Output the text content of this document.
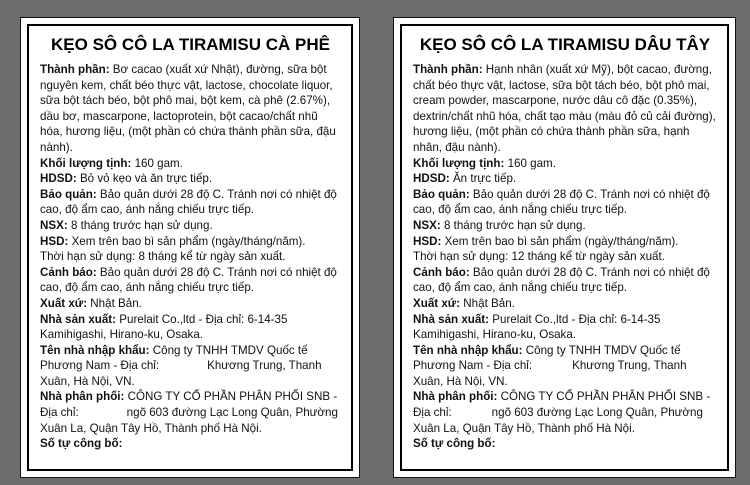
KẸO SÔ CÔ LA TIRAMISU CÀ PHÊ

Thành phần: Bơ cacao (xuất xứ Nhật), đường, sữa bột nguyên kem, chất béo thực vật, lactose, chocolate liquor, sữa bột tách béo, bột phô mai, bột kem, cà phê (2.67%), dầu bơ, mascarpone, lactoprotein, bột cacao/chất nhũ hóa, hương liệu, (một phần có chứa thành phần sữa, đậu nành).

Khối lượng tịnh: 160 gam.

HDSD: Bỏ vỏ kẹo và ăn trực tiếp.

Bảo quản: Bảo quản dưới 28 độ C. Tránh nơi có nhiệt độ cao, độ ẩm cao, ánh nắng chiếu trực tiếp.

NSX: 8 tháng trước hạn sử dụng.

HSD: Xem trên bao bì sản phẩm (ngày/tháng/năm).
Thời hạn sử dụng: 8 tháng kể từ ngày sản xuất.

Cảnh báo: Bảo quản dưới 28 độ C. Tránh nơi có nhiệt độ cao, độ ẩm cao, ánh nắng chiếu trực tiếp.

Xuất xứ: Nhật Bản.

Nhà sản xuất: Purelait Co.,ltd - Địa chỉ: 6-14-35 Kamihigashi, Hirano-ku, Osaka.

Tên nhà nhập khẩu: Công ty TNHH TMDV Quốc tế Phương Nam - Địa chỉ:	Khương Trung, Thanh Xuân, Hà Nội, VN.

Nhà phân phối: CÔNG TY CỔ PHẦN PHÂN PHỐI SNB - Địa chỉ:	ngõ 603 đường Lạc Long Quân, Phường Xuân La, Quận Tây Hồ, Thành phố Hà Nội.

Số tự công bố:

KẸO SÔ CÔ LA TIRAMISU DÂU TÂY

Thành phần: Hạnh nhân (xuất xứ Mỹ), bột cacao, đường, chất béo thực vật, lactose, sữa bột tách béo, bột phô mai, cream powder, mascarpone, nước dâu cô đặc (0.35%), dextrin/chất nhũ hóa, chất tạo màu (màu đỏ củ cải đường), hương liệu, (một phần có chứa thành phần sữa, hạnh nhân, đậu nành).

Khối lượng tịnh: 160 gam.

HDSD: Ăn trực tiếp.

Bảo quản: Bảo quản dưới 28 độ C. Tránh nơi có nhiệt độ cao, độ ẩm cao, ánh nắng chiếu trực tiếp.

NSX: 8 tháng trước hạn sử dụng.

HSD: Xem trên bao bì sản phẩm (ngày/tháng/năm).
Thời hạn sử dụng: 12 tháng kể từ ngày sản xuất.

Cảnh báo: Bảo quản dưới 28 độ C. Tránh nơi có nhiệt độ cao, độ ẩm cao, ánh nắng chiếu trực tiếp.

Xuất xứ: Nhật Bản.

Nhà sản xuất: Purelait Co.,ltd - Địa chỉ: 6-14-35 Kamihigashi, Hirano-ku, Osaka.

Tên nhà nhập khẩu: Công ty TNHH TMDV Quốc tế Phương Nam - Địa chỉ:	Khương Trung, Thanh Xuân, Hà Nội, VN.

Nhà phân phối: CÔNG TY CỔ PHẦN PHÂN PHỐI SNB - Địa chỉ:	ngõ 603 đường Lạc Long Quân, Phường Xuân La, Quận Tây Hồ, Thành phố Hà Nội.

Số tự công bố:
